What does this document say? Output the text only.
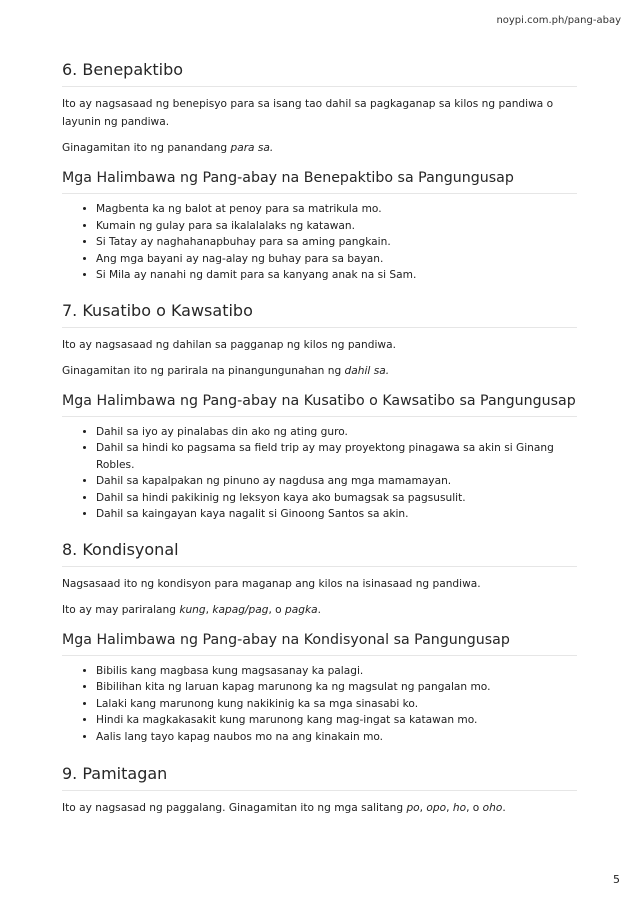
noypi.com.ph/pang-abay
6. Benepaktibo

Ito ay nagsasaad ng benepisyo para sa isang tao dahil sa pagkaganap sa kilos ng pandiwa o layunin ng pandiwa.

Ginagamitan ito ng panandang para sa.

Mga Halimbawa ng Pang-abay na Benepaktibo sa Pangungusap
• Magbenta ka ng balot at penoy para sa matrikula mo.
• Kumain ng gulay para sa ikalalalaks ng katawan.
• Si Tatay ay naghahanapbuhay para sa aming pangkain.
• Ang mga bayani ay nag-alay ng buhay para sa bayan.
• Si Mila ay nanahi ng damit para sa kanyang anak na si Sam.
7. Kusatibo o Kawsatibo

Ito ay nagsasaad ng dahilan sa pagganap ng kilos ng pandiwa.

Ginagamitan ito ng parirala na pinangungunahan ng dahil sa.

Mga Halimbawa ng Pang-abay na Kusatibo o Kawsatibo sa Pangungusap
• Dahil sa iyo ay pinalabas din ako ng ating guro.
• Dahil sa hindi ko pagsama sa field trip ay may proyektong pinagawa sa akin si Ginang Robles.
• Dahil sa kapalpakan ng pinuno ay nagdusa ang mga mamamayan.
• Dahil sa hindi pakikinig ng leksyon kaya ako bumagsak sa pagsusulit.
• Dahil sa kaingayan kaya nagalit si Ginoong Santos sa akin.
8. Kondisyonal

Nagsasaad ito ng kondisyon para maganap ang kilos na isinasaad ng pandiwa.

Ito ay may pariralang kung, kapag/pag, o pagka.

Mga Halimbawa ng Pang-abay na Kondisyonal sa Pangungusap
• Bibilis kang magbasa kung magsasanay ka palagi.
• Bibilihan kita ng laruan kapag marunong ka ng magsulat ng pangalan mo.
• Lalaki kang marunong kung nakikinig ka sa mga sinasabi ko.
• Hindi ka magkakasakit kung marunong kang mag-ingat sa katawan mo.
• Aalis lang tayo kapag naubos mo na ang kinakain mo.
9. Pamitagan

Ito ay nagsasad ng paggalang. Ginagamitan ito ng mga salitang po, opo, ho, o oho.

5
